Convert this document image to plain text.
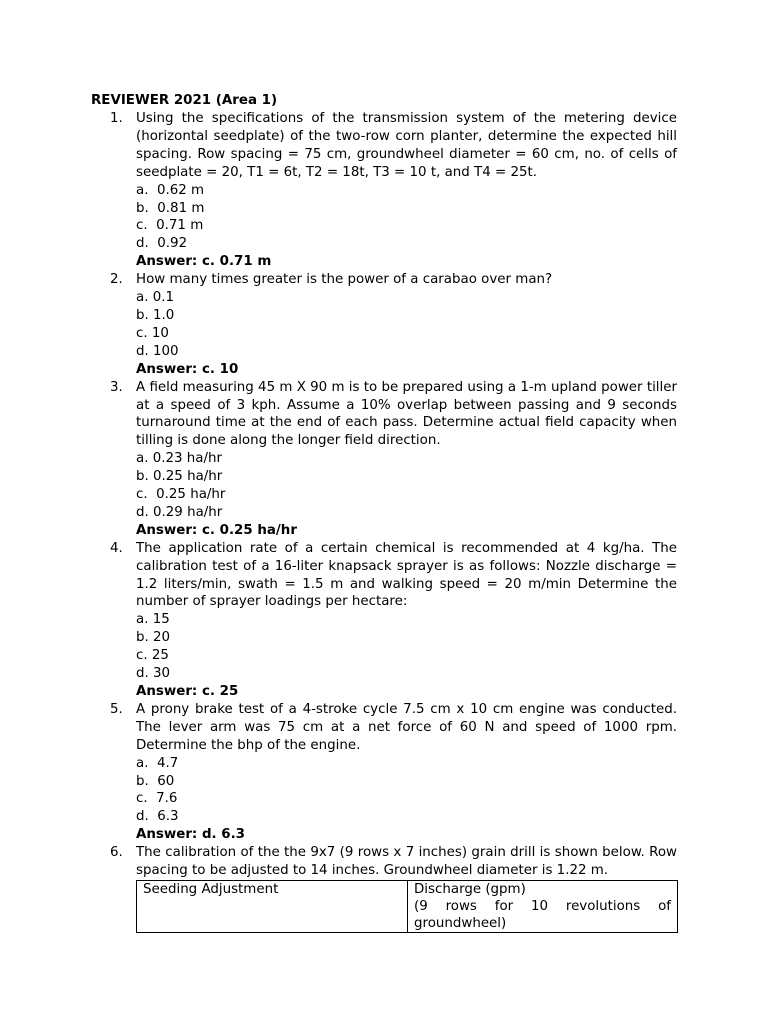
REVIEWER 2021 (Area 1)

1. Using the specifications of the transmission system of the metering device (horizontal seedplate) of the two-row corn planter, determine the expected hill spacing. Row spacing = 75 cm, groundwheel diameter = 60 cm, no. of cells of seedplate = 20, T1 = 6t, T2 = 18t, T3 = 10 t, and T4 = 25t.
a.  0.62 m
b.  0.81 m
c.  0.71 m
d.  0.92
Answer: c. 0.71 m
2. How many times greater is the power of a carabao over man?
a. 0.1
b. 1.0
c. 10
d. 100
Answer: c. 10
3. A field measuring 45 m X 90 m is to be prepared using a 1-m upland power tiller at a speed of 3 kph. Assume a 10% overlap between passing and 9 seconds turnaround time at the end of each pass. Determine actual field capacity when tilling is done along the longer field direction.
a. 0.23 ha/hr
b. 0.25 ha/hr
c.  0.25 ha/hr
d. 0.29 ha/hr
Answer: c. 0.25 ha/hr
4. The application rate of a certain chemical is recommended at 4 kg/ha. The calibration test of a 16-liter knapsack sprayer is as follows: Nozzle discharge = 1.2 liters/min, swath = 1.5 m and walking speed = 20 m/min Determine the number of sprayer loadings per hectare:
a. 15
b. 20
c. 25
d. 30
Answer: c. 25
5. A prony brake test of a 4-stroke cycle 7.5 cm x 10 cm engine was conducted. The lever arm was 75 cm at a net force of 60 N and speed of 1000 rpm. Determine the bhp of the engine.
a.  4.7
b.  60
c.  7.6
d.  6.3
Answer: d. 6.3
6. The calibration of the the 9x7 (9 rows x 7 inches) grain drill is shown below. Row spacing to be adjusted to 14 inches. Groundwheel diameter is 1.22 m.
Seeding Adjustment	Discharge (gpm)
(9 rows for 10 revolutions of
groundwheel)
